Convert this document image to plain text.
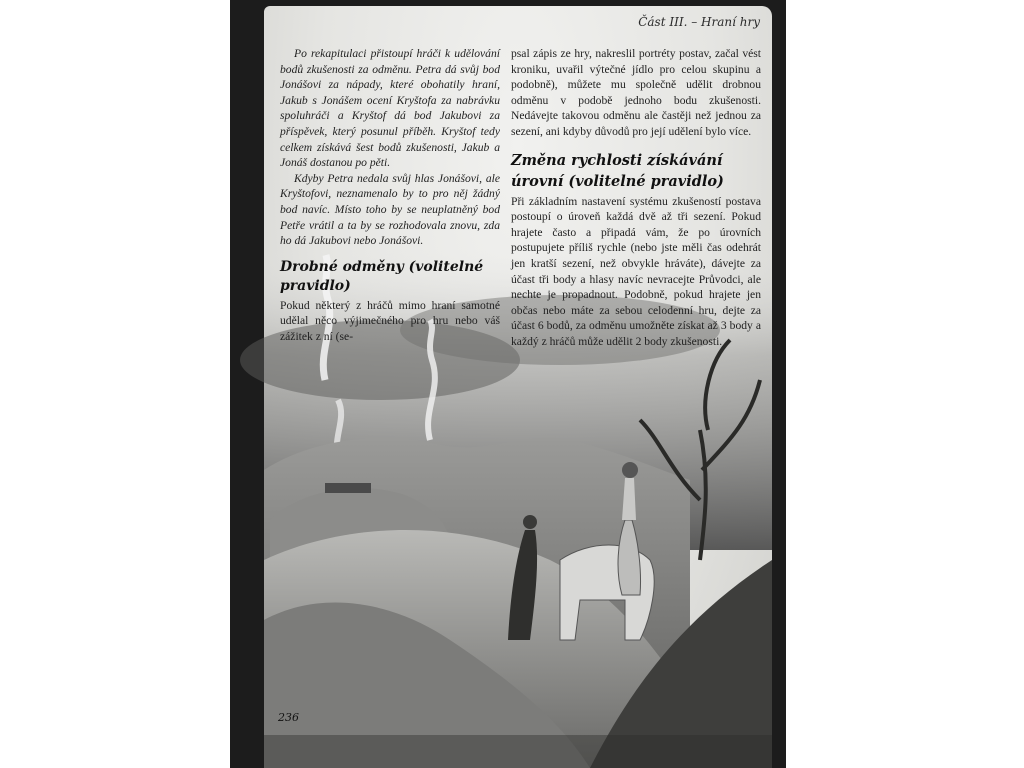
Část III. – Hraní hry

Po rekapitulaci přistoupí hráči k udělování bodů zkušenosti za odměnu. Petra dá svůj bod Jonášovi za nápady, které obohatily hraní, Jakub s Jonášem ocení Kryštofa za nabrávku spoluhráči a Kryštof dá bod Jakubovi za příspěvek, který posunul příběh. Kryštof tedy celkem získává šest bodů zkušenosti, Jakub a Jonáš dostanou po pěti.

Kdyby Petra nedala svůj hlas Jonášovi, ale Kryštofovi, neznamenalo by to pro něj žádný bod navíc. Místo toho by se neuplatněný bod Petře vrátil a ta by se rozhodovala znovu, zda ho dá Jakubovi nebo Jonášovi.

Drobné odměny (volitelné pravidlo)

Pokud některý z hráčů mimo hraní samotné udělal něco výjimečného pro hru nebo váš zážitek z ní (se-

psal zápis ze hry, nakreslil portréty postav, začal vést kroniku, uvařil výtečné jídlo pro celou skupinu a podobně), můžete mu společně udělit drobnou odměnu v podobě jednoho bodu zkušenosti. Nedávejte takovou odměnu ale častěji než jednou za sezení, ani kdyby důvodů pro její udělení bylo více.

Změna rychlosti získávání úrovní (volitelné pravidlo)

Při základním nastavení systému zkušeností postava postoupí o úroveň každá dvě až tři sezení. Pokud hrajete často a připadá vám, že po úrovních postupujete příliš rychle (nebo jste měli čas odehrát jen kratší sezení, než obvykle hráváte), dávejte za účast tři body a hlasy navíc nevracejte Průvodci, ale nechte je propadnout. Podobně, pokud hrajete jen občas nebo máte za sebou celodenní hru, dejte za účast 6 bodů, za odměnu umožněte získat až 3 body a každý z hráčů může udělit 2 body zkušenosti.

236
